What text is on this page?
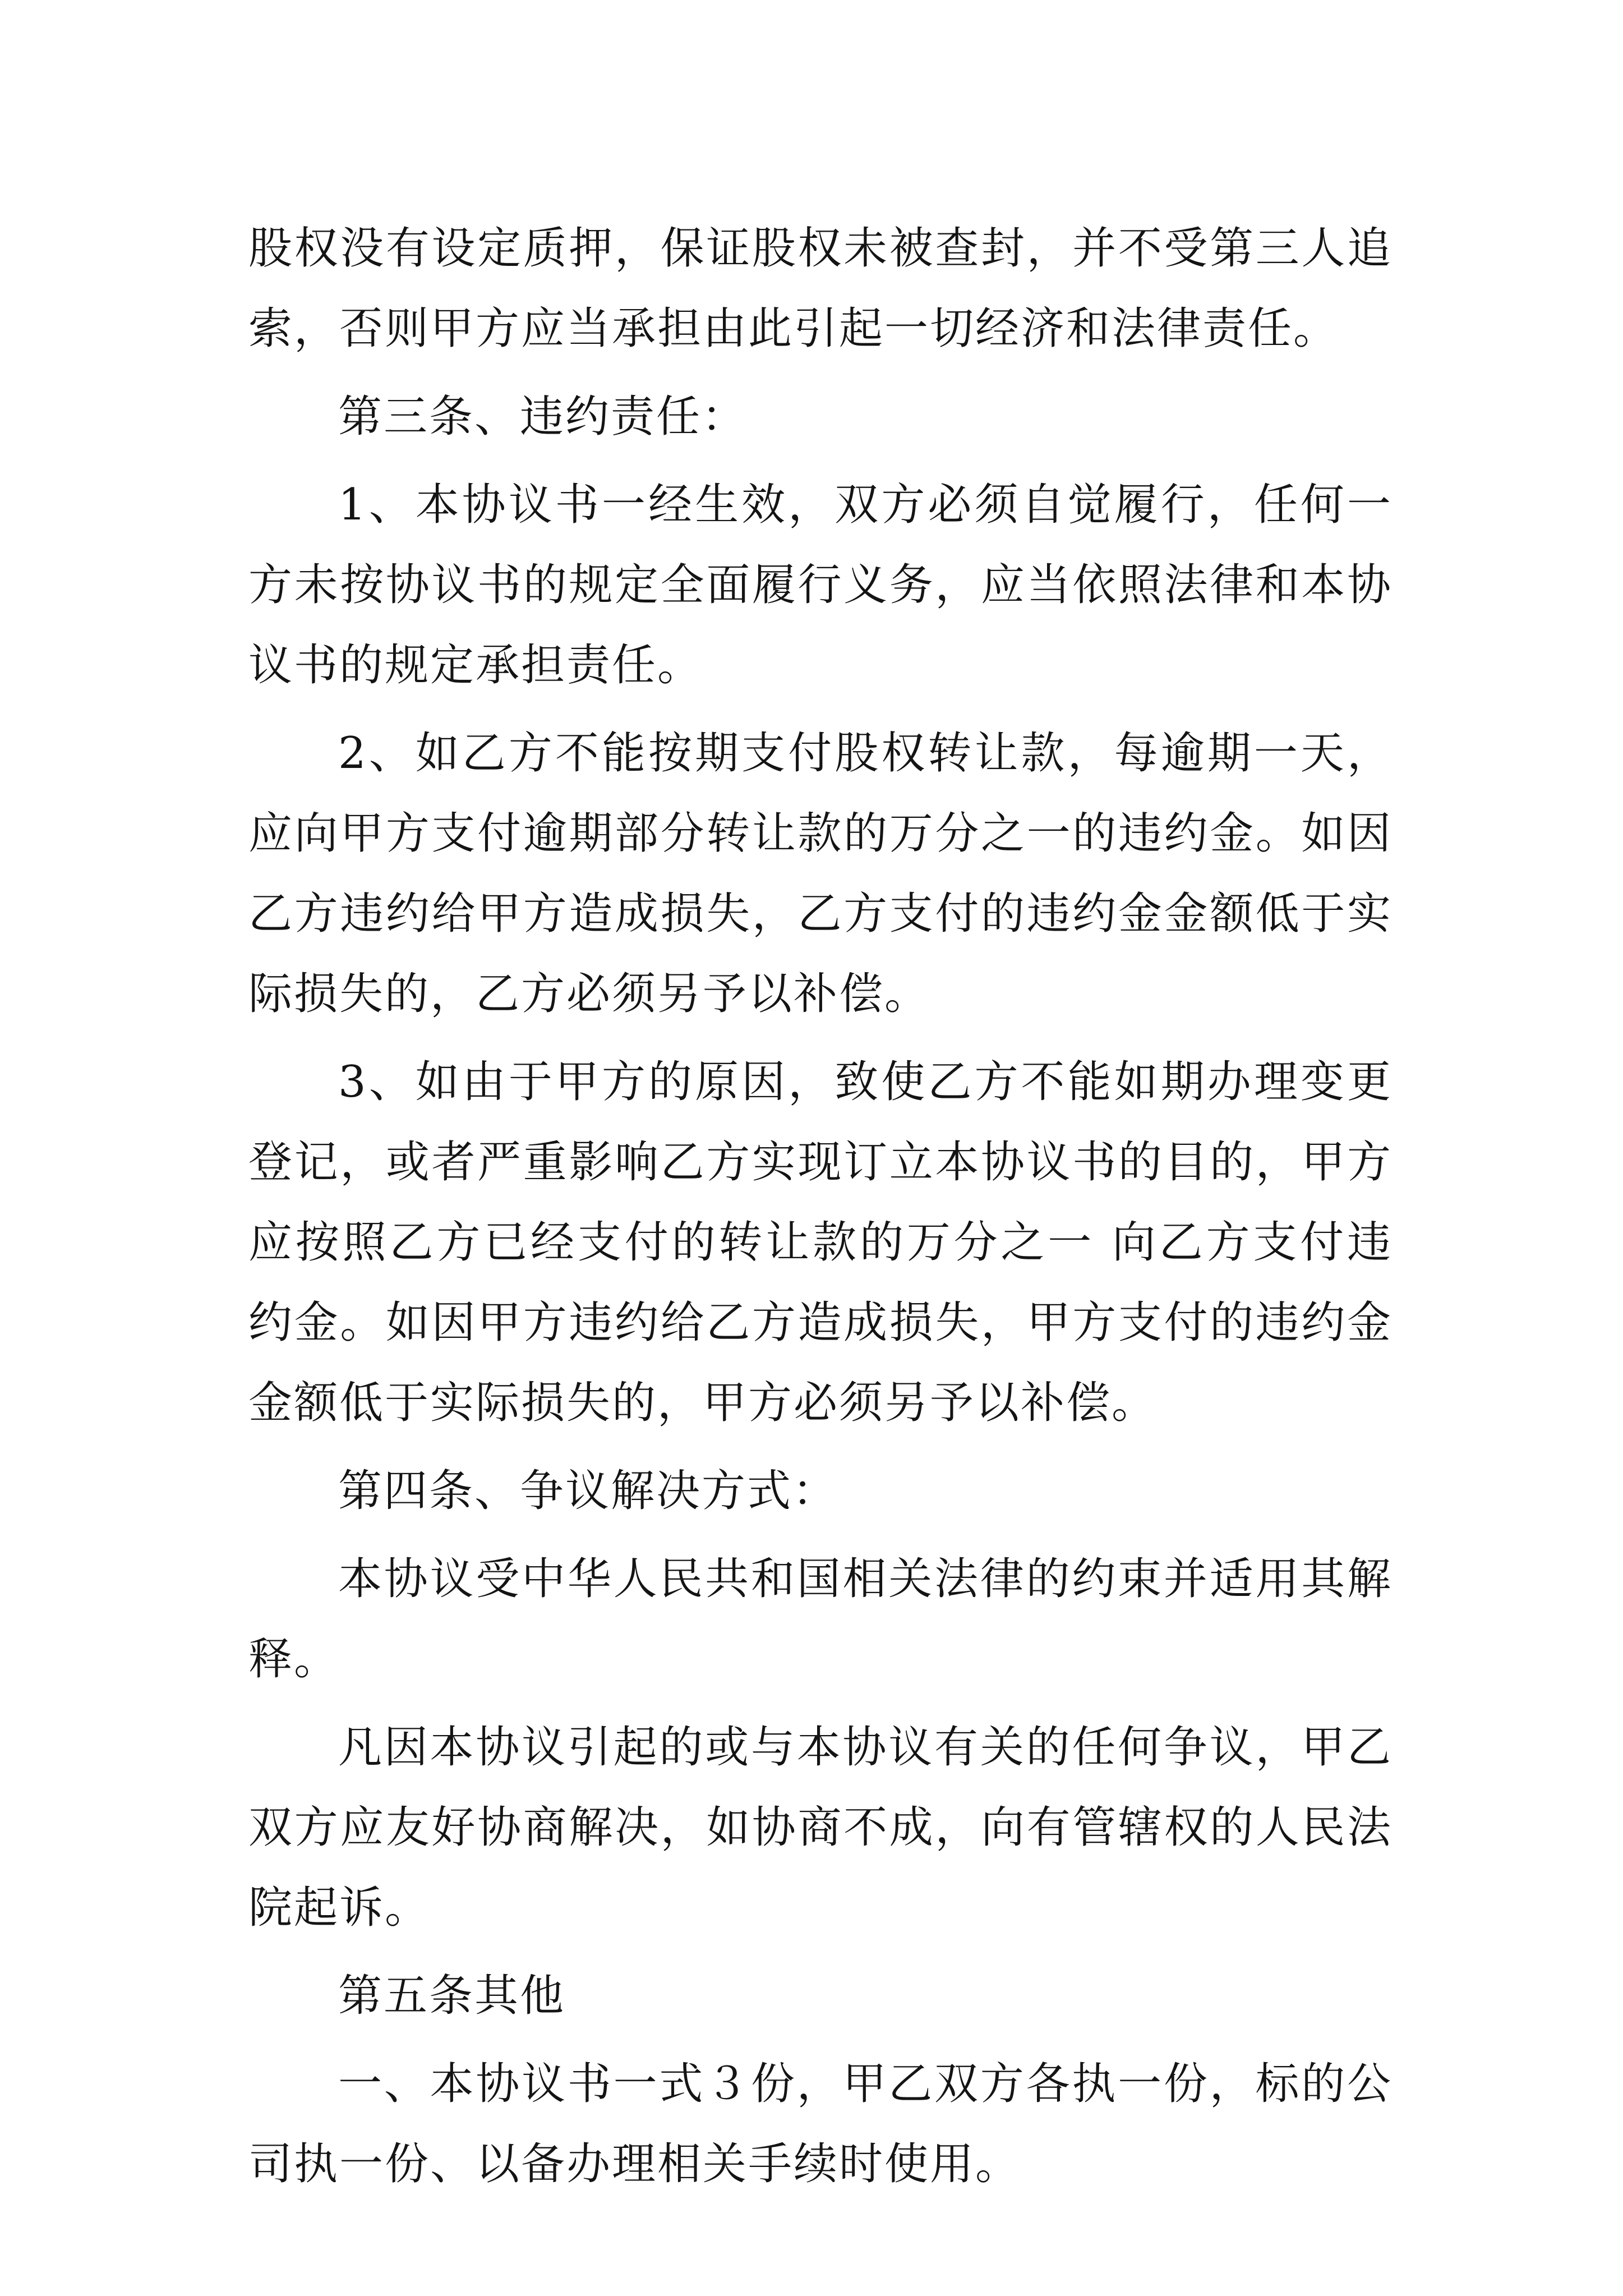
股权没有设定质押，保证股权未被查封，并不受第三人追索，否则甲方应当承担由此引起一切经济和法律责任。

第三条、违约责任：

1、本协议书一经生效，双方必须自觉履行，任何一方未按协议书的规定全面履行义务，应当依照法律和本协议书的规定承担责任。

2、如乙方不能按期支付股权转让款，每逾期一天，应向甲方支付逾期部分转让款的万分之一的违约金。如因乙方违约给甲方造成损失，乙方支付的违约金金额低于实际损失的，乙方必须另予以补偿。

3、如由于甲方的原因，致使乙方不能如期办理变更登记，或者严重影响乙方实现订立本协议书的目的，甲方应按照乙方已经支付的转让款的万分之一 向乙方支付违约金。如因甲方违约给乙方造成损失，甲方支付的违约金金额低于实际损失的，甲方必须另予以补偿。

第四条、争议解决方式：

本协议受中华人民共和国相关法律的约束并适用其解释。

凡因本协议引起的或与本协议有关的任何争议，甲乙双方应友好协商解决，如协商不成，向有管辖权的人民法院起诉。

第五条其他

一、本协议书一式３份，甲乙双方各执一份，标的公司执一份、以备办理相关手续时使用。
